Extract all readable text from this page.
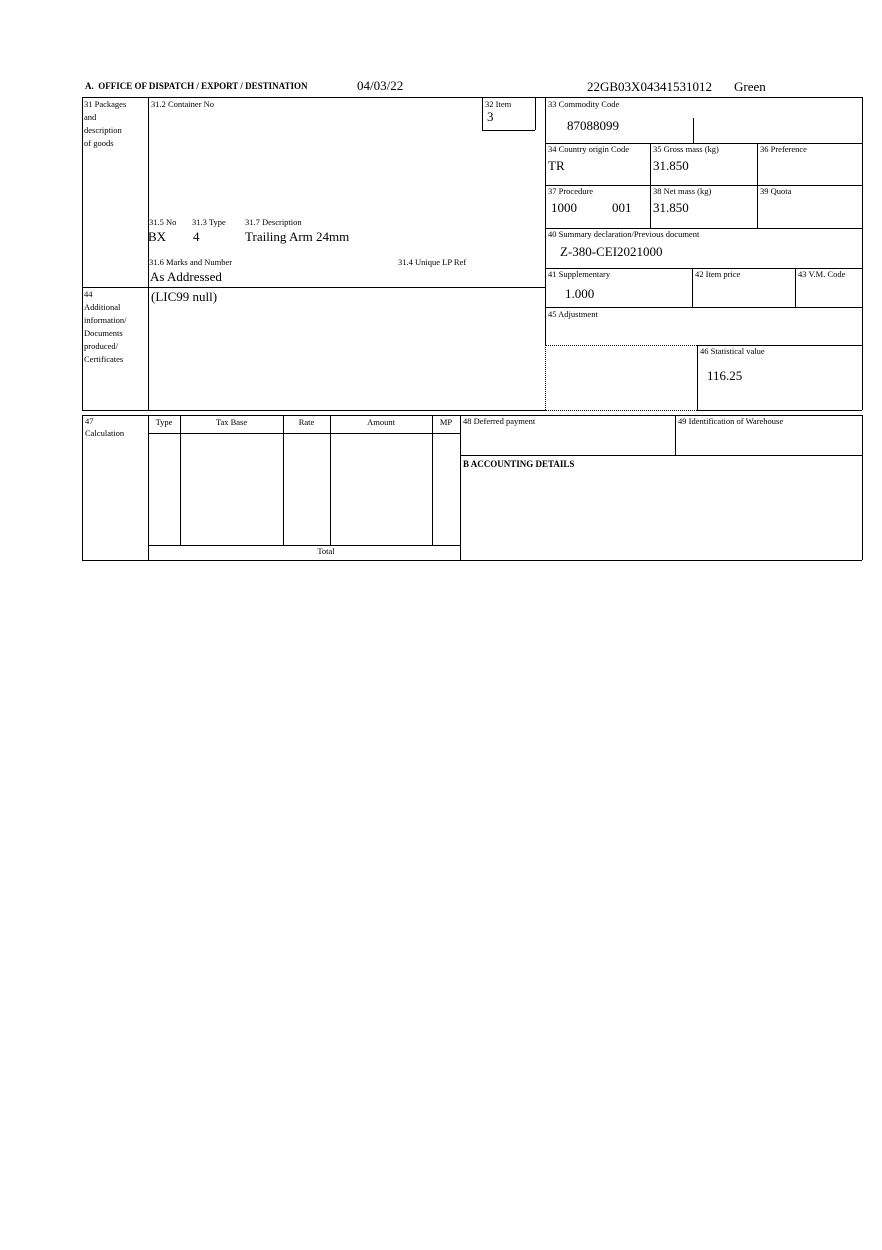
A.  OFFICE OF DISPATCH / EXPORT / DESTINATION	04/03/22	22GB03X04341531012 Green
31 Packages
and
description
of goods
31.2 Container No	32 Item
3
33 Commodity Code
87088099
34 Country origin Code
TR
35 Gross mass (kg)
31.850
36 Preference
37 Procedure
1000	001
38 Net mass (kg)
31.850
39 Quota
40 Summary declaration/Previous document
Z-380-CEI2021000
31.5 No 31.3 Type 31.7 Description
BX 4	Trailing Arm 24mm
31.6 Marks and Number	31.4 Unique LP Ref
As Addressed	41 Supplementary
1.000
42 Item price	43 V.M. Code
44
Additional
information/
Documents
produced/
Certificates
(LIC99 null)
45 Adjustment
46 Statistical value
116.25
47
Calculation
Type	Tax Base	Rate	Amount	MP
Total
48 Deferred payment	49 Identification of Warehouse
B ACCOUNTING DETAILS
